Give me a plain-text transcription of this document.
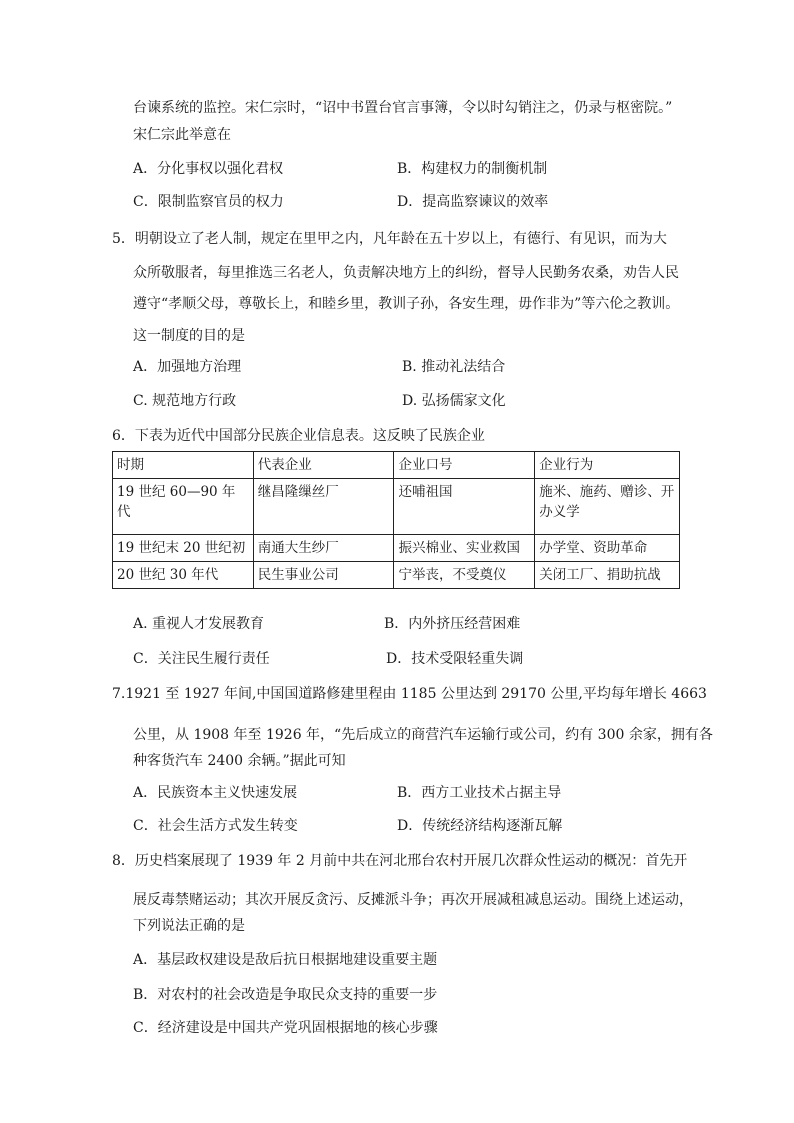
台谏系统的监控。宋仁宗时，“诏中书置台官言事簿，令以时勾销注之，仍录与枢密院。”
宋仁宗此举意在
A．分化事权以强化君权	B．构建权力的制衡机制
C．限制监察官员的权力	D．提高监察谏议的效率
5．明朝设立了老人制，规定在里甲之内，凡年龄在五十岁以上，有德行、有见识，而为大
众所敬服者，每里推选三名老人，负责解决地方上的纠纷，督导人民勤务农桑，劝告人民
遵守“孝顺父母，尊敬长上，和睦乡里，教训子孙，各安生理，毋作非为”等六伦之教训。
这一制度的目的是
A．加强地方治理	B. 推动礼法结合
C. 规范地方行政	D. 弘扬儒家文化
6．下表为近代中国部分民族企业信息表。这反映了民族企业
时期	代表企业	企业口号	企业行为
19 世纪 60—90 年代	继昌隆缫丝厂	还哺祖国	施米、施药、赠诊、开办义学
19 世纪末 20 世纪初	南通大生纱厂	振兴棉业、实业救国	办学堂、资助革命
20 世纪 30 年代	民生事业公司	宁举丧，不受奠仪	关闭工厂、捐助抗战
A. 重视人才发展教育	B．内外挤压经营困难
C．关注民生履行责任	D．技术受限轻重失调
7.1921 至 1927 年间,中国国道路修建里程由 1185 公里达到 29170 公里,平均每年增长 4663
公里，从 1908 年至 1926 年，“先后成立的商营汽车运输行或公司，约有 300 余家，拥有各
种客货汽车 2400 余辆。”据此可知
A．民族资本主义快速发展	B．西方工业技术占据主导
C．社会生活方式发生转变	D．传统经济结构逐渐瓦解
8．历史档案展现了 1939 年 2 月前中共在河北邢台农村开展几次群众性运动的概况：首先开
展反毒禁赌运动；其次开展反贪污、反摊派斗争；再次开展减租减息运动。围绕上述运动，
下列说法正确的是
A．基层政权建设是敌后抗日根据地建设重要主题
B．对农村的社会改造是争取民众支持的重要一步
C．经济建设是中国共产党巩固根据地的核心步骤
